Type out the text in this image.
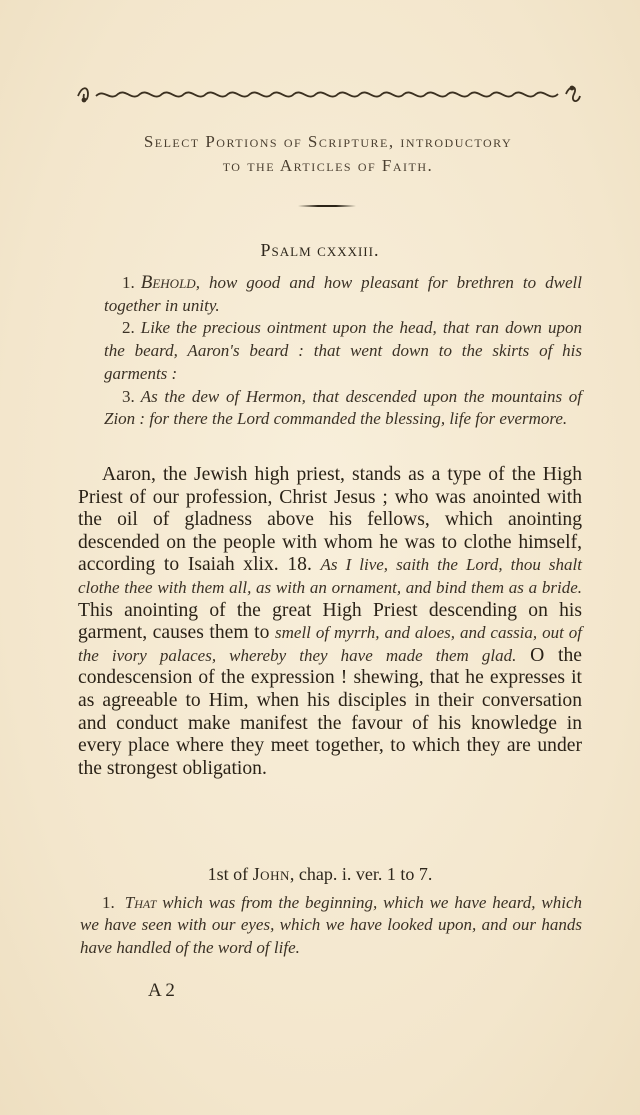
Select Portions of Scripture, introductory
to the Articles of Faith.
Psalm cxxxiii.

1. Behold, how good and how pleasant for brethren to dwell together in unity.

2. Like the precious ointment upon the head, that ran down upon the beard, Aaron's beard : that went down to the skirts of his garments :

3. As the dew of Hermon, that descended upon the mountains of Zion : for there the Lord commanded the blessing, life for evermore.

Aaron, the Jewish high priest, stands as a type of the High Priest of our profession, Christ Jesus ; who was anointed with the oil of gladness above his fellows, which anointing descended on the people with whom he was to clothe himself, according to Isaiah xlix. 18. As I live, saith the Lord, thou shalt clothe thee with them all, as with an ornament, and bind them as a bride. This anointing of the great High Priest descending on his garment, causes them to smell of myrrh, and aloes, and cassia, out of the ivory palaces, whereby they have made them glad. O the condescension of the expression ! shewing, that he expresses it as agreeable to Him, when his disciples in their conversation and conduct make manifest the favour of his knowledge in every place where they meet together, to which they are under the strongest obligation.
1st of John, chap. i. ver. 1 to 7.
1. That which was from the beginning, which we have heard, which we have seen with our eyes, which we have looked upon, and our hands have handled of the word of life.
A 2
